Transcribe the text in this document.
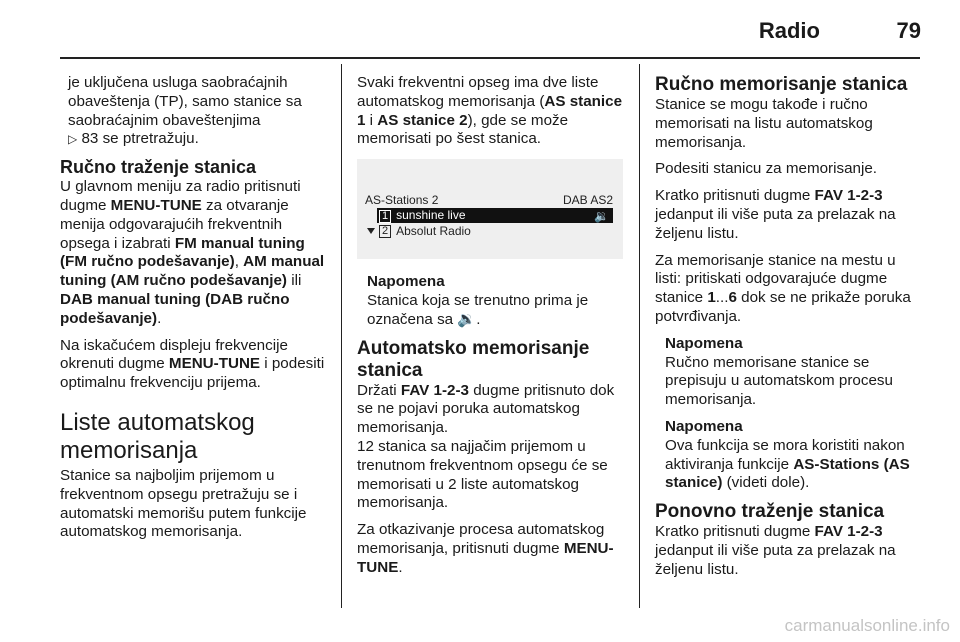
Radio	79

je uključena usluga saobraćajnih obaveštenja (TP), samo stanice sa saobraćajnim obaveštenjima
▷ 83 se ptretražuju.

Ručno traženje stanica

U glavnom meniju za radio pritisnuti dugme MENU-TUNE za otvaranje menija odgovarajućih frekventnih opsega i izabrati FM manual tuning (FM ručno podešavanje), AM manual tuning (AM ručno podešavanje) ili DAB manual tuning (DAB ručno podešavanje).

Na iskačućem displeju frekvencije okrenuti dugme MENU-TUNE i podesiti optimalnu frekvenciju prijema.

Liste automatskog memorisanja

Stanice sa najboljim prijemom u frekventnom opsegu pretražuju se i automatski memorišu putem funkcije automatskog memorisanja.

Svaki frekventni opseg ima dve liste automatskog memorisanja (AS stanice 1 i AS stanice 2), gde se može memorisati po šest stanica.

AS-Stations 2	DAB AS2
1 sunshine live	🔉
2 Absolut Radio
Napomena
Stanica koja se trenutno prima je označena sa 🔉.
Automatsko memorisanje stanica

Držati FAV 1-2-3 dugme pritisnuto dok se ne pojavi poruka automatskog memorisanja.

12 stanica sa najjačim prijemom u trenutnom frekventnom opsegu će se memorisati u 2 liste automatskog memorisanja.

Za otkazivanje procesa automatskog memorisanja, pritisnuti dugme MENU-TUNE.

Ručno memorisanje stanica

Stanice se mogu takođe i ručno memorisati na listu automatskog memorisanja.

Podesiti stanicu za memorisanje.

Kratko pritisnuti dugme FAV 1-2-3 jedanput ili više puta za prelazak na željenu listu.

Za memorisanje stanice na mestu u listi: pritiskati odgovarajuće dugme stanice 1...6 dok se ne prikaže poruka potvrđivanja.

Napomena
Ručno memorisane stanice se prepisuju u automatskom procesu memorisanja.
Napomena
Ova funkcija se mora koristiti nakon aktiviranja funkcije AS-Stations (AS stanice) (videti dole).
Ponovno traženje stanica

Kratko pritisnuti dugme FAV 1-2-3 jedanput ili više puta za prelazak na željenu listu.

carmanualsonline.info
